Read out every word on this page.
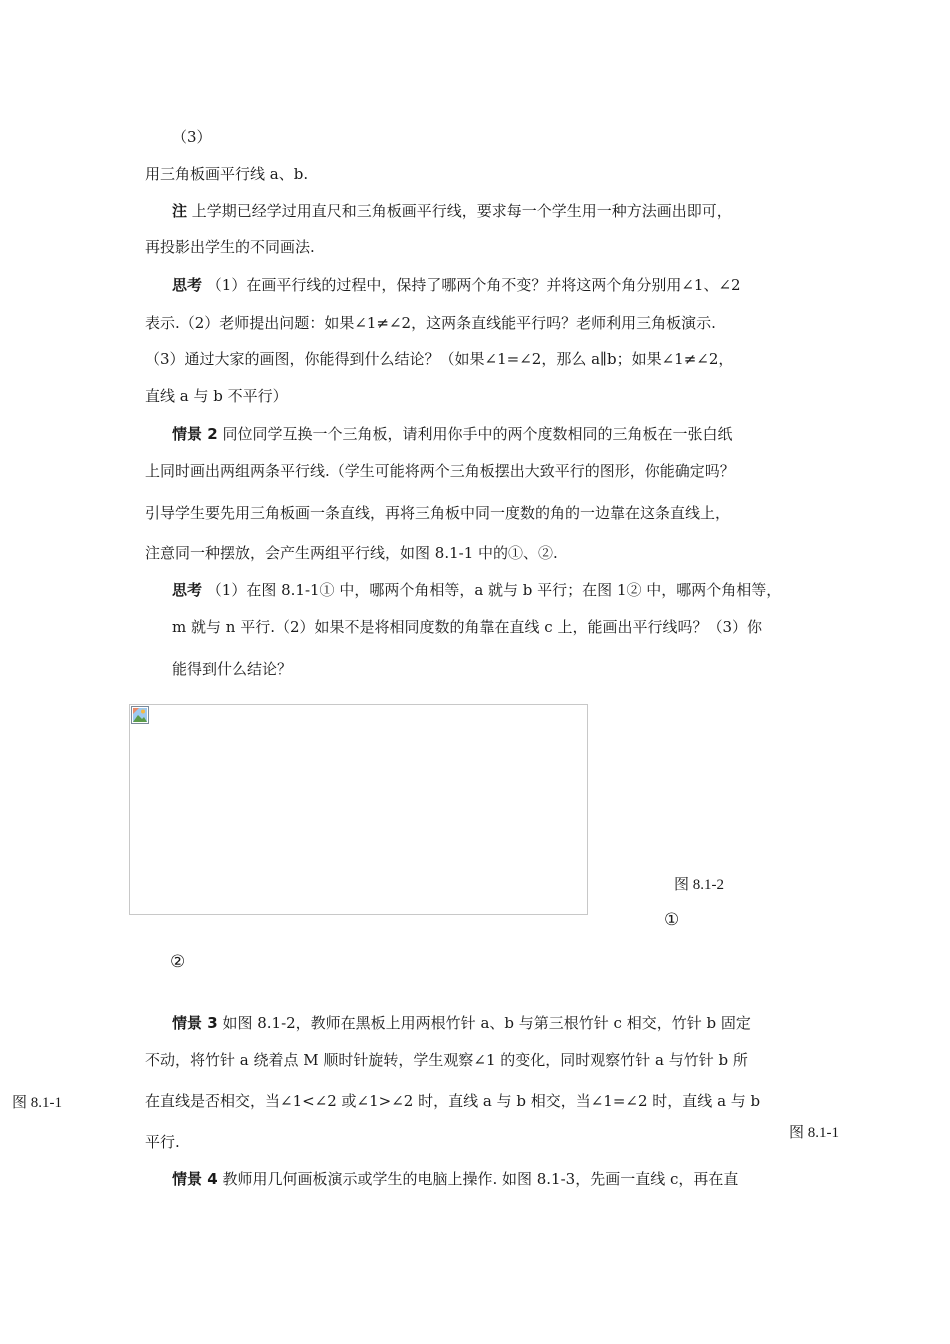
（3）
用三角板画平行线 a、b.
注 上学期已经学过用直尺和三角板画平行线，要求每一个学生用一种方法画出即可，
再投影出学生的不同画法.
思考 （1）在画平行线的过程中，保持了哪两个角不变？并将这两个角分别用∠1、∠2
表示.（2）老师提出问题：如果∠1≠∠2，这两条直线能平行吗？老师利用三角板演示.
（3）通过大家的画图，你能得到什么结论？（如果∠1=∠2，那么 a∥b；如果∠1≠∠2，
直线 a 与 b 不平行）
情景 2 同位同学互换一个三角板，请利用你手中的两个度数相同的三角板在一张白纸
上同时画出两组两条平行线.（学生可能将两个三角板摆出大致平行的图形，你能确定吗？
引导学生要先用三角板画一条直线，再将三角板中同一度数的角的一边靠在这条直线上，
注意同一种摆放，会产生两组平行线，如图 8.1-1 中的①、②.
思考 （1）在图 8.1-1① 中，哪两个角相等，a 就与 b 平行；在图 1② 中，哪两个角相等，
m 就与 n 平行.（2）如果不是将相同度数的角靠在直线 c 上，能画出平行线吗？（3）你
能得到什么结论？
图 8.1-2
①
②
情景 3 如图 8.1-2，教师在黑板上用两根竹针 a、b 与第三根竹针 c 相交，竹针 b 固定
不动，将竹针 a 绕着点 M 顺时针旋转，学生观察∠1 的变化，同时观察竹针 a 与竹针 b 所
在直线是否相交，当∠1<∠2 或∠1>∠2 时，直线 a 与 b 相交，当∠1=∠2 时，直线 a 与 b
平行.
图 8.1-1
图 8.1-1
情景 4 教师用几何画板演示或学生的电脑上操作. 如图 8.1-3，先画一直线 c，再在直
